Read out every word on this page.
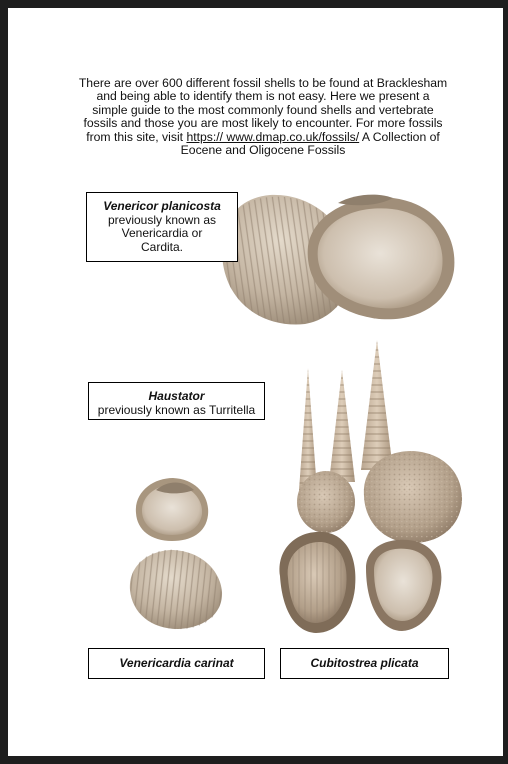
There are over 600 different fossil shells to be found at Bracklesham and being able to identify them is not easy. Here we present a simple guide to the most commonly found shells and vertebrate fossils and those you are most likely to encounter. For more fossils from this site, visit https:// www.dmap.co.uk/fossils/ A Collection of Eocene and Oligocene Fossils
Venericor planicosta
previously known as
Venericardia or
Cardita.
Haustator
previously known as Turritella
Venericardia carinat	Cubitostrea plicata
